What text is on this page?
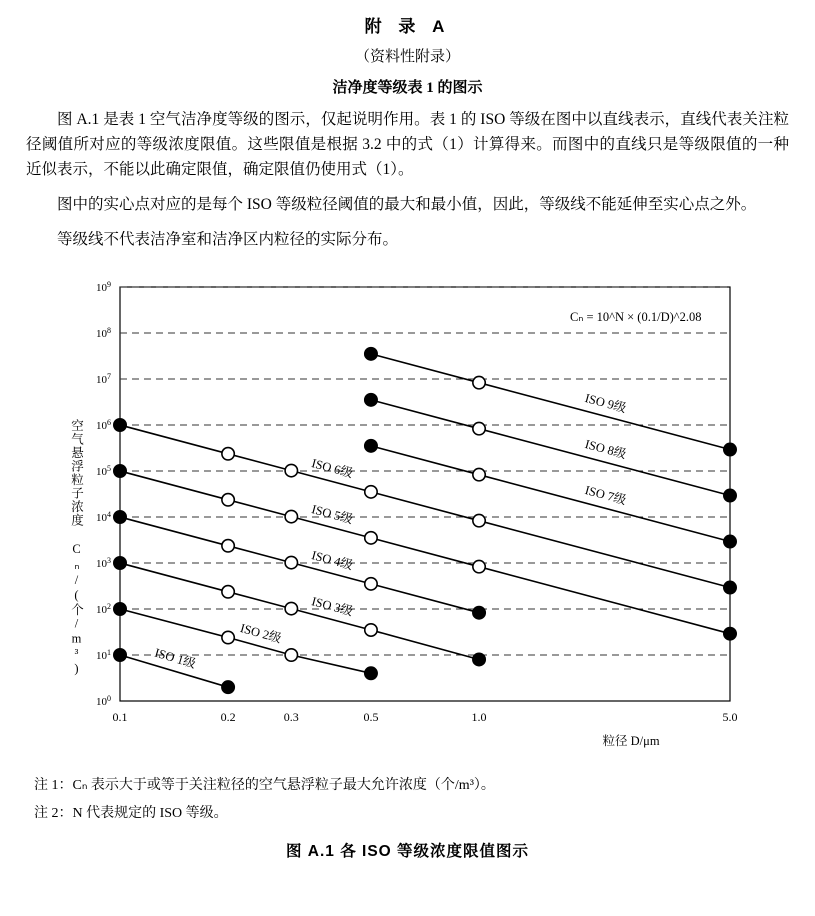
附 录 A
（资料性附录）
洁净度等级表 1 的图示
图 A.1 是表 1 空气洁净度等级的图示，仅起说明作用。表 1 的 ISO 等级在图中以直线表示，直线代表关注粒径阈值所对应的等级浓度限值。这些限值是根据 3.2 中的式（1）计算得来。而图中的直线只是等级限值的一种近似表示，不能以此确定限值，确定限值仍使用式（1）。
图中的实心点对应的是每个 ISO 等级粒径阈值的最大和最小值，因此，等级线不能延伸至实心点之外。
等级线不代表洁净室和洁净区内粒径的实际分布。
空气悬浮粒子浓度 Cₙ/(个/m³)
粒径 D/μm
$10^0$
$10^1$
$10^2$
$10^3$
$10^4$
$10^5$
$10^6$
$10^7$
$10^8$
$10^9$
0.1	0.2	0.3	0.5	1.0	5.0
ISO 1级
ISO 2级
ISO 3级
ISO 4级
ISO 5级
ISO 6级
ISO 7级
ISO 8级
ISO 9级
Cₙ = 10^N × (0.1/D)^2.08
注 1：Cₙ 表示大于或等于关注粒径的空气悬浮粒子最大允许浓度（个/m³）。
注 2：N 代表规定的 ISO 等级。
图 A.1 各 ISO 等级浓度限值图示
